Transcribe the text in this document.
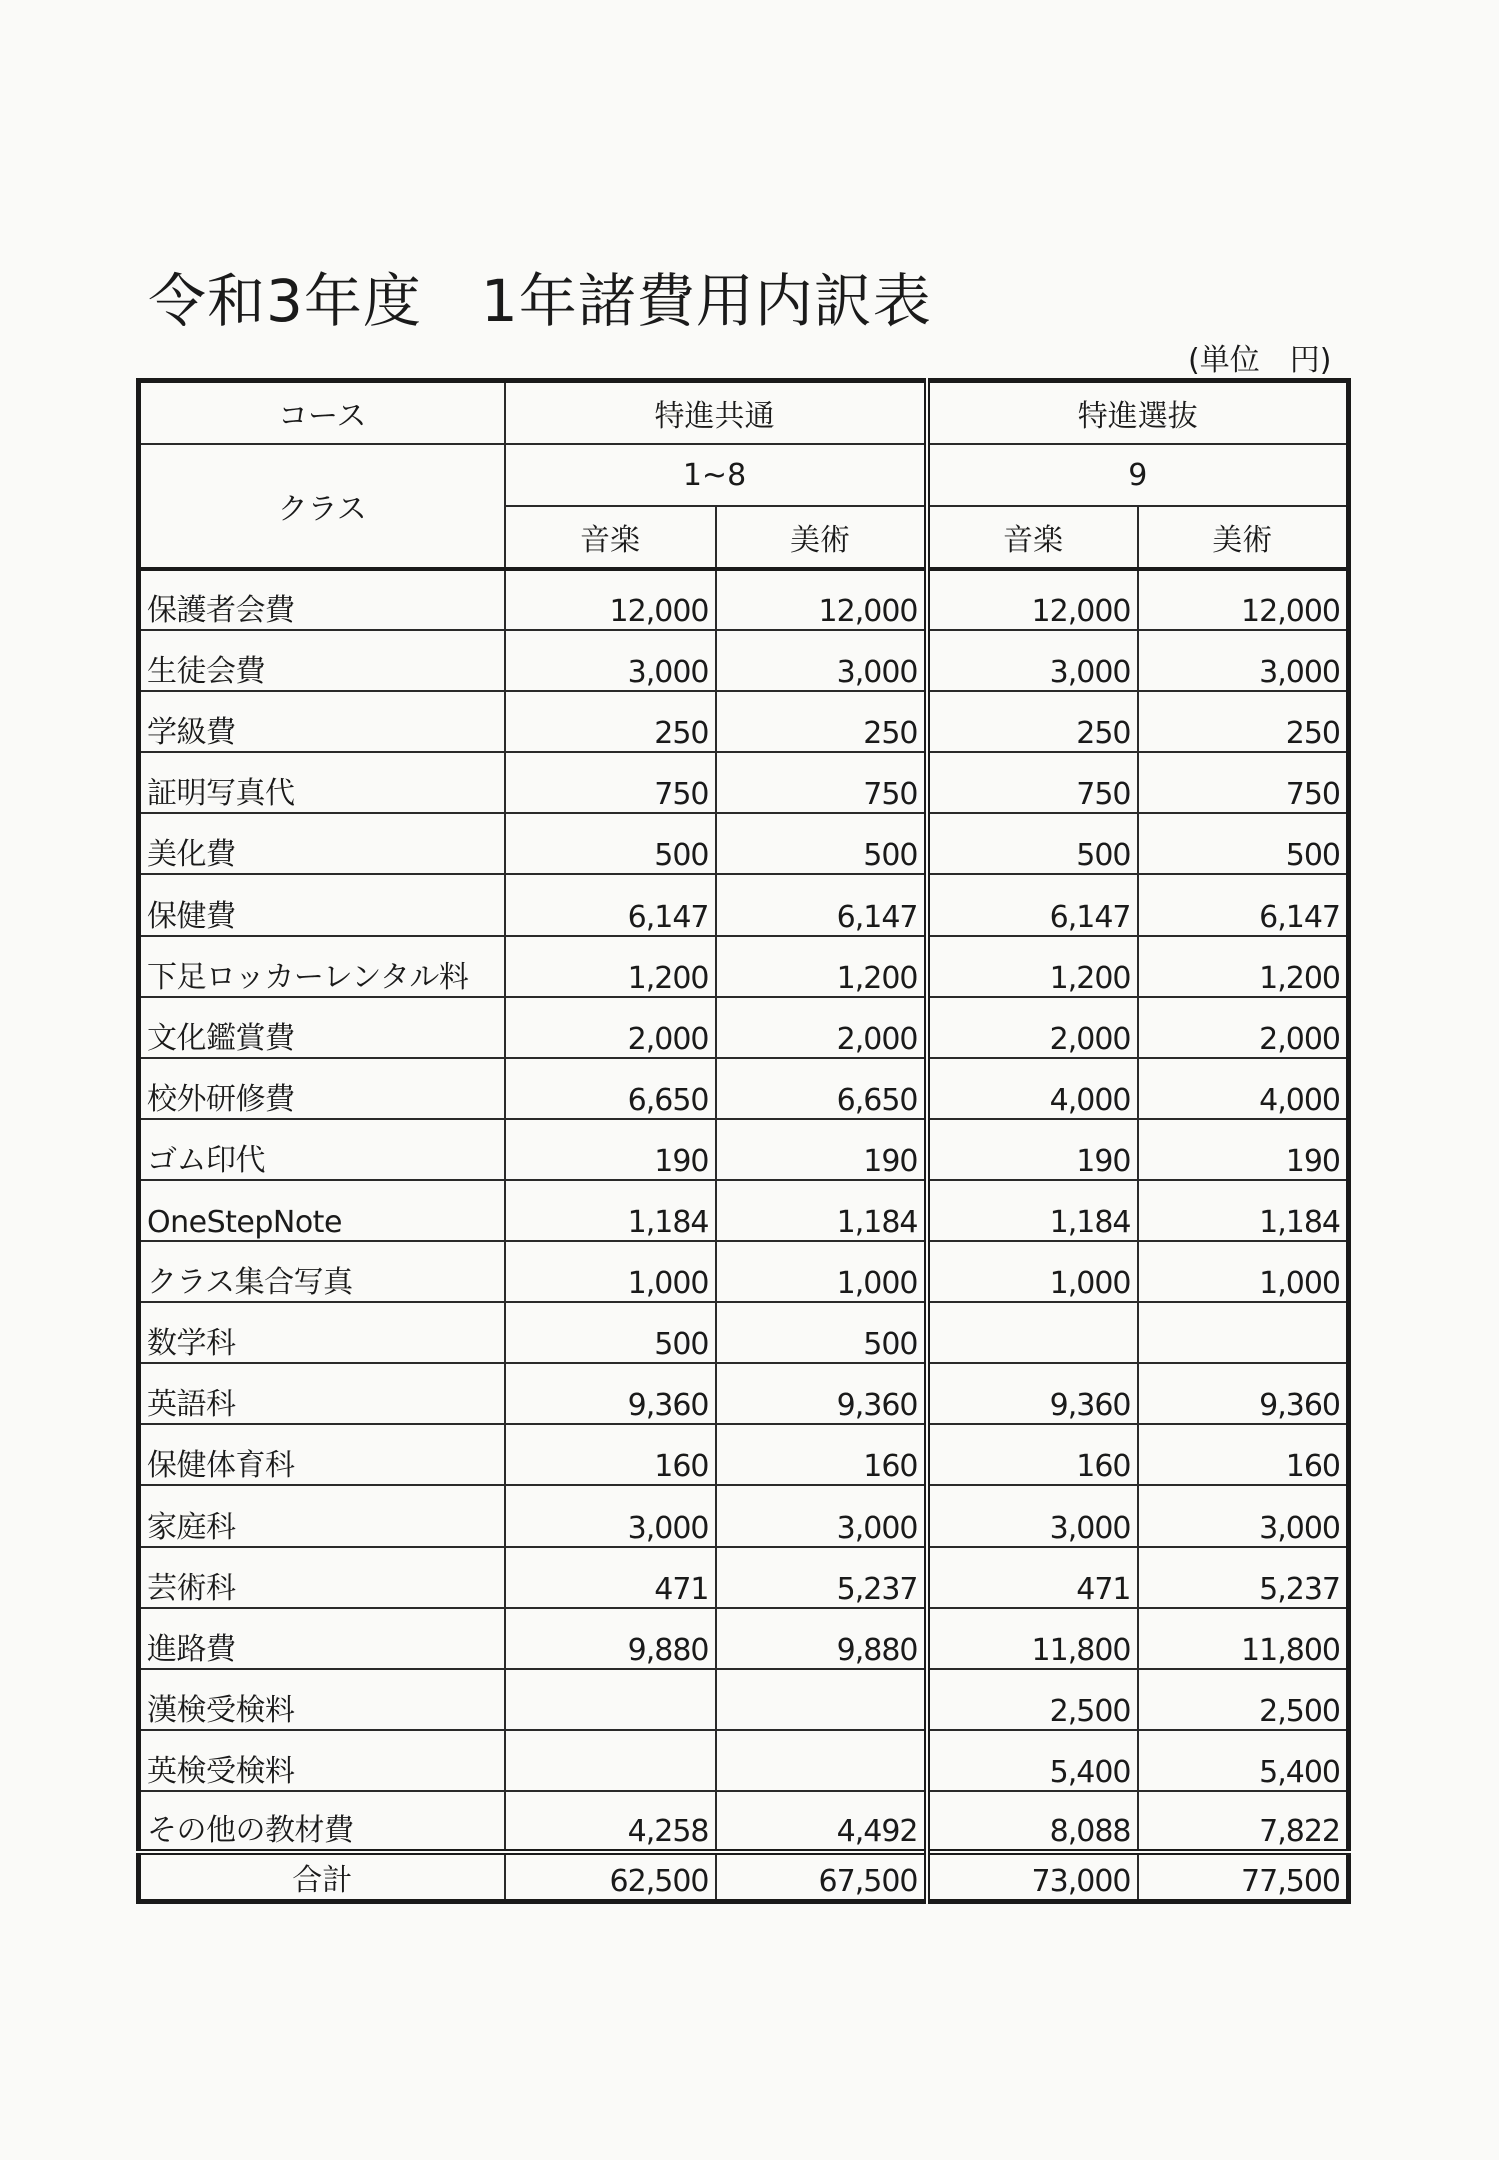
令和3年度　1年諸費用内訳表
(単位　円)
コース	特進共通		特進選抜	
クラス	1~8		9	
	音楽	美術	音楽	美術
保護者会費	12,000	12,000	12,000	12,000
生徒会費	3,000	3,000	3,000	3,000
学級費	250	250	250	250
証明写真代	750	750	750	750
美化費	500	500	500	500
保健費	6,147	6,147	6,147	6,147
下足ロッカーレンタル料	1,200	1,200	1,200	1,200
文化鑑賞費	2,000	2,000	2,000	2,000
校外研修費	6,650	6,650	4,000	4,000
ゴム印代	190	190	190	190
OneStepNote	1,184	1,184	1,184	1,184
クラス集合写真	1,000	1,000	1,000	1,000
数学科	500	500		
英語科	9,360	9,360	9,360	9,360
保健体育科	160	160	160	160
家庭科	3,000	3,000	3,000	3,000
芸術科	471	5,237	471	5,237
進路費	9,880	9,880	11,800	11,800
漢検受検料			2,500	2,500
英検受検料			5,400	5,400
その他の教材費	4,258	4,492	8,088	7,822
合計	62,500	67,500	73,000	77,500
